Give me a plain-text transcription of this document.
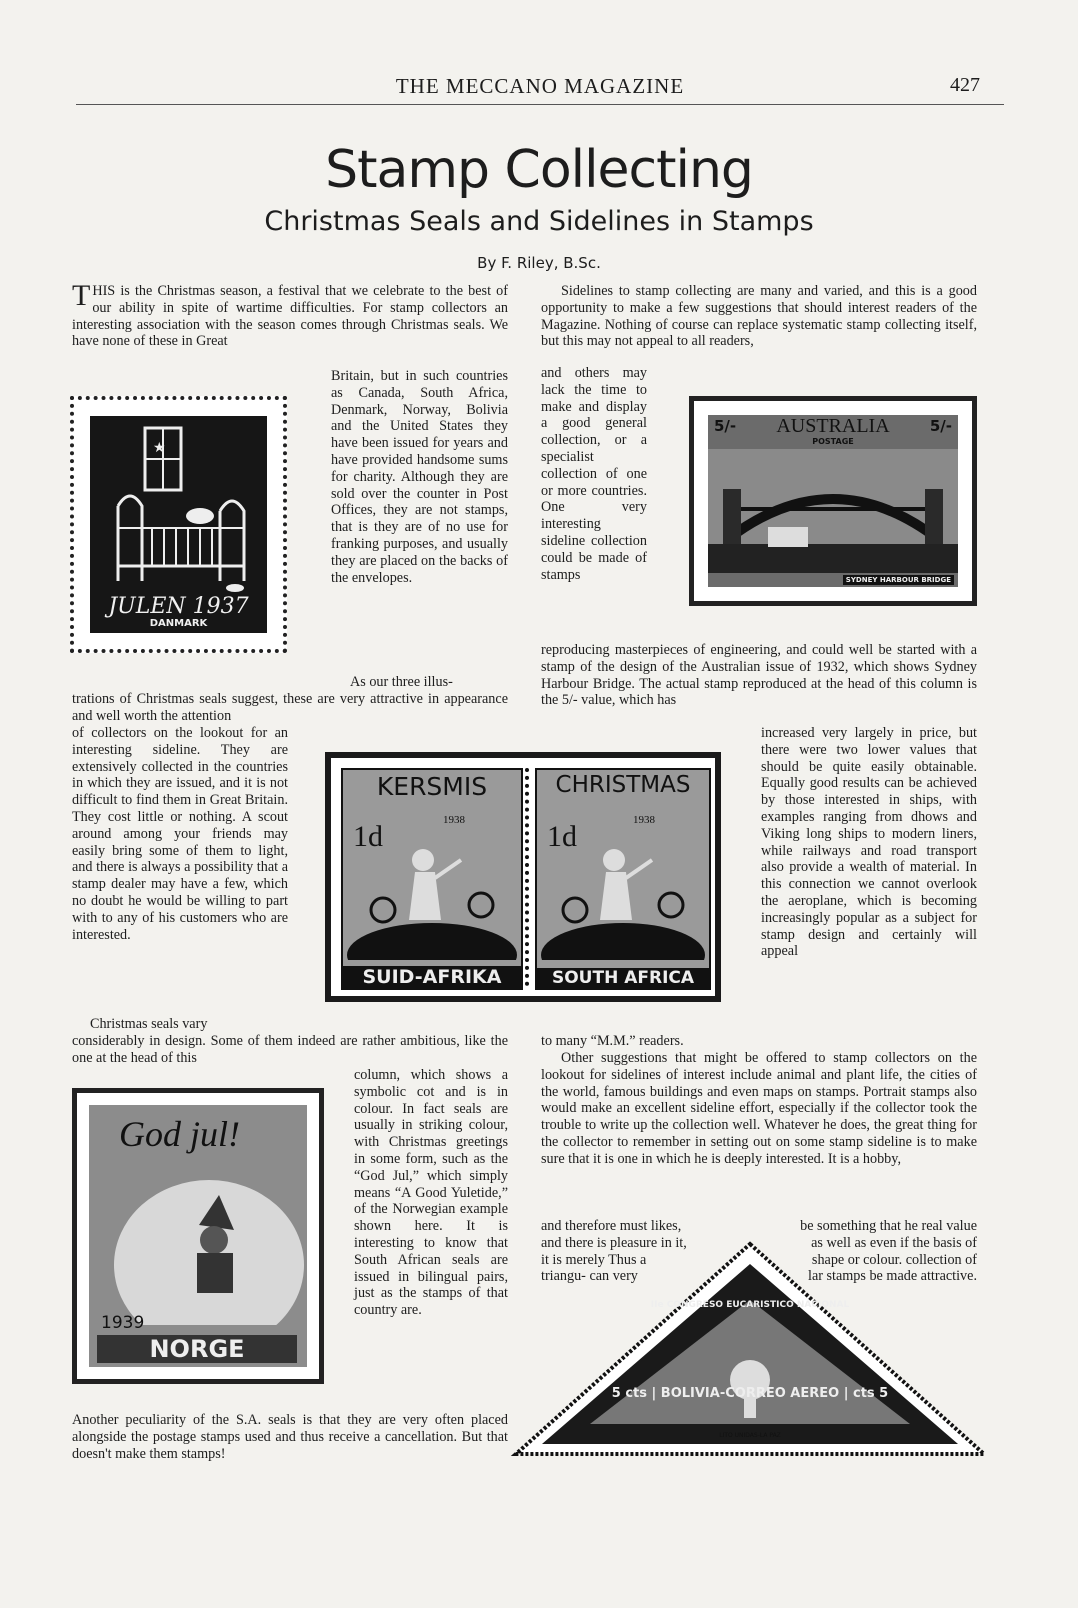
THE MECCANO MAGAZINE	427
Stamp Collecting
Christmas Seals and Sidelines in Stamps
By F. Riley, B.Sc.
THIS is the Christmas season, a festival that we celebrate to the best of our ability in spite of wartime difficulties. For stamp collectors an interesting association with the season comes through Christmas seals. We have none of these in Great
Britain, but in such countries as Canada, South Africa, Denmark, Norway, Bolivia and the United States they have been issued for years and have provided handsome sums for charity. Although they are sold over the counter in Post Offices, they are not stamps, that is they are of no use for franking purposes, and usually they are placed on the backs of the envelopes.
As our three illus-
trations of Christmas seals suggest, these are very attractive in appearance and well worth the attention
of collectors on the lookout for an interesting sideline. They are extensively collected in the countries in which they are issued, and it is not difficult to find them in Great Britain. They cost little or nothing. A scout around among your friends may easily bring some of them to light, and there is always a possibility that a stamp dealer may have a few, which no doubt he would be willing to part with to any of his customers who are interested.
Christmas seals vary
considerably in design. Some of them indeed are rather ambitious, like the one at the head of this
column, which shows a symbolic cot and is in colour. In fact seals are usually in striking colour, with Christmas greetings in some form, such as the “God Jul,” which simply means “A Good Yuletide,” of the Norwegian example shown here. It is interesting to know that South African seals are issued in bilingual pairs, just as the stamps of that country are.
Another peculiarity of the S.A. seals is that they are very often placed alongside the postage stamps used and thus receive a cancellation. But that doesn't make them stamps!
Sidelines to stamp collecting are many and varied, and this is a good opportunity to make a few suggestions that should interest readers of the Magazine. Nothing of course can replace systematic stamp collecting itself, but this may not appeal to all readers,
and others may lack the time to make and display a good general collection, or a specialist collection of one or more countries. One very interesting sideline collection could be made of stamps
reproducing masterpieces of engineering, and could well be started with a stamp of the design of the Australian issue of 1932, which shows Sydney Harbour Bridge. The actual stamp reproduced at the head of this column is the 5/- value, which has
increased very largely in price, but there were two lower values that should be quite easily obtainable. Equally good results can be achieved by those interested in ships, with examples ranging from dhows and Viking long ships to modern liners, while railways and road transport also provide a wealth of material. In this connection we cannot overlook the aeroplane, which is becoming increasingly popular as a subject for stamp design and certainly will appeal
to many “M.M.” readers.
Other suggestions that might be offered to stamp collectors on the lookout for sidelines of interest include animal and plant life, the cities of the world, famous buildings and even maps on stamps. Portrait stamps also would make an excellent sideline effort, especially if the collector took the trouble to write up the collection well. Whatever he does, the great thing for the collector to remember in setting out on some stamp sideline is to make sure that it is one in which he is deeply interested. It is a hobby,
and therefore must likes, and there is pleasure in it, it is merely Thus a triangu- can very
be something that he real value as well as even if the basis of shape or colour. collection of lar stamps be made attractive.
★
JULEN 1937
DANMARK
5/-	5/-
AUSTRALIA
POSTAGE
SYDNEY HARBOUR BRIDGE
KERSMIS
1d	1938
SUID-AFRIKA
CHRISTMAS
1d	1938
SOUTH AFRICA
God jul!
1939
NORGE
5 cts | BOLIVIA-CORREO AEREO | cts 5
LITO UNIDAS-LA PAZ
IIe CONGRESO EUCARISTICO NACIONAL
